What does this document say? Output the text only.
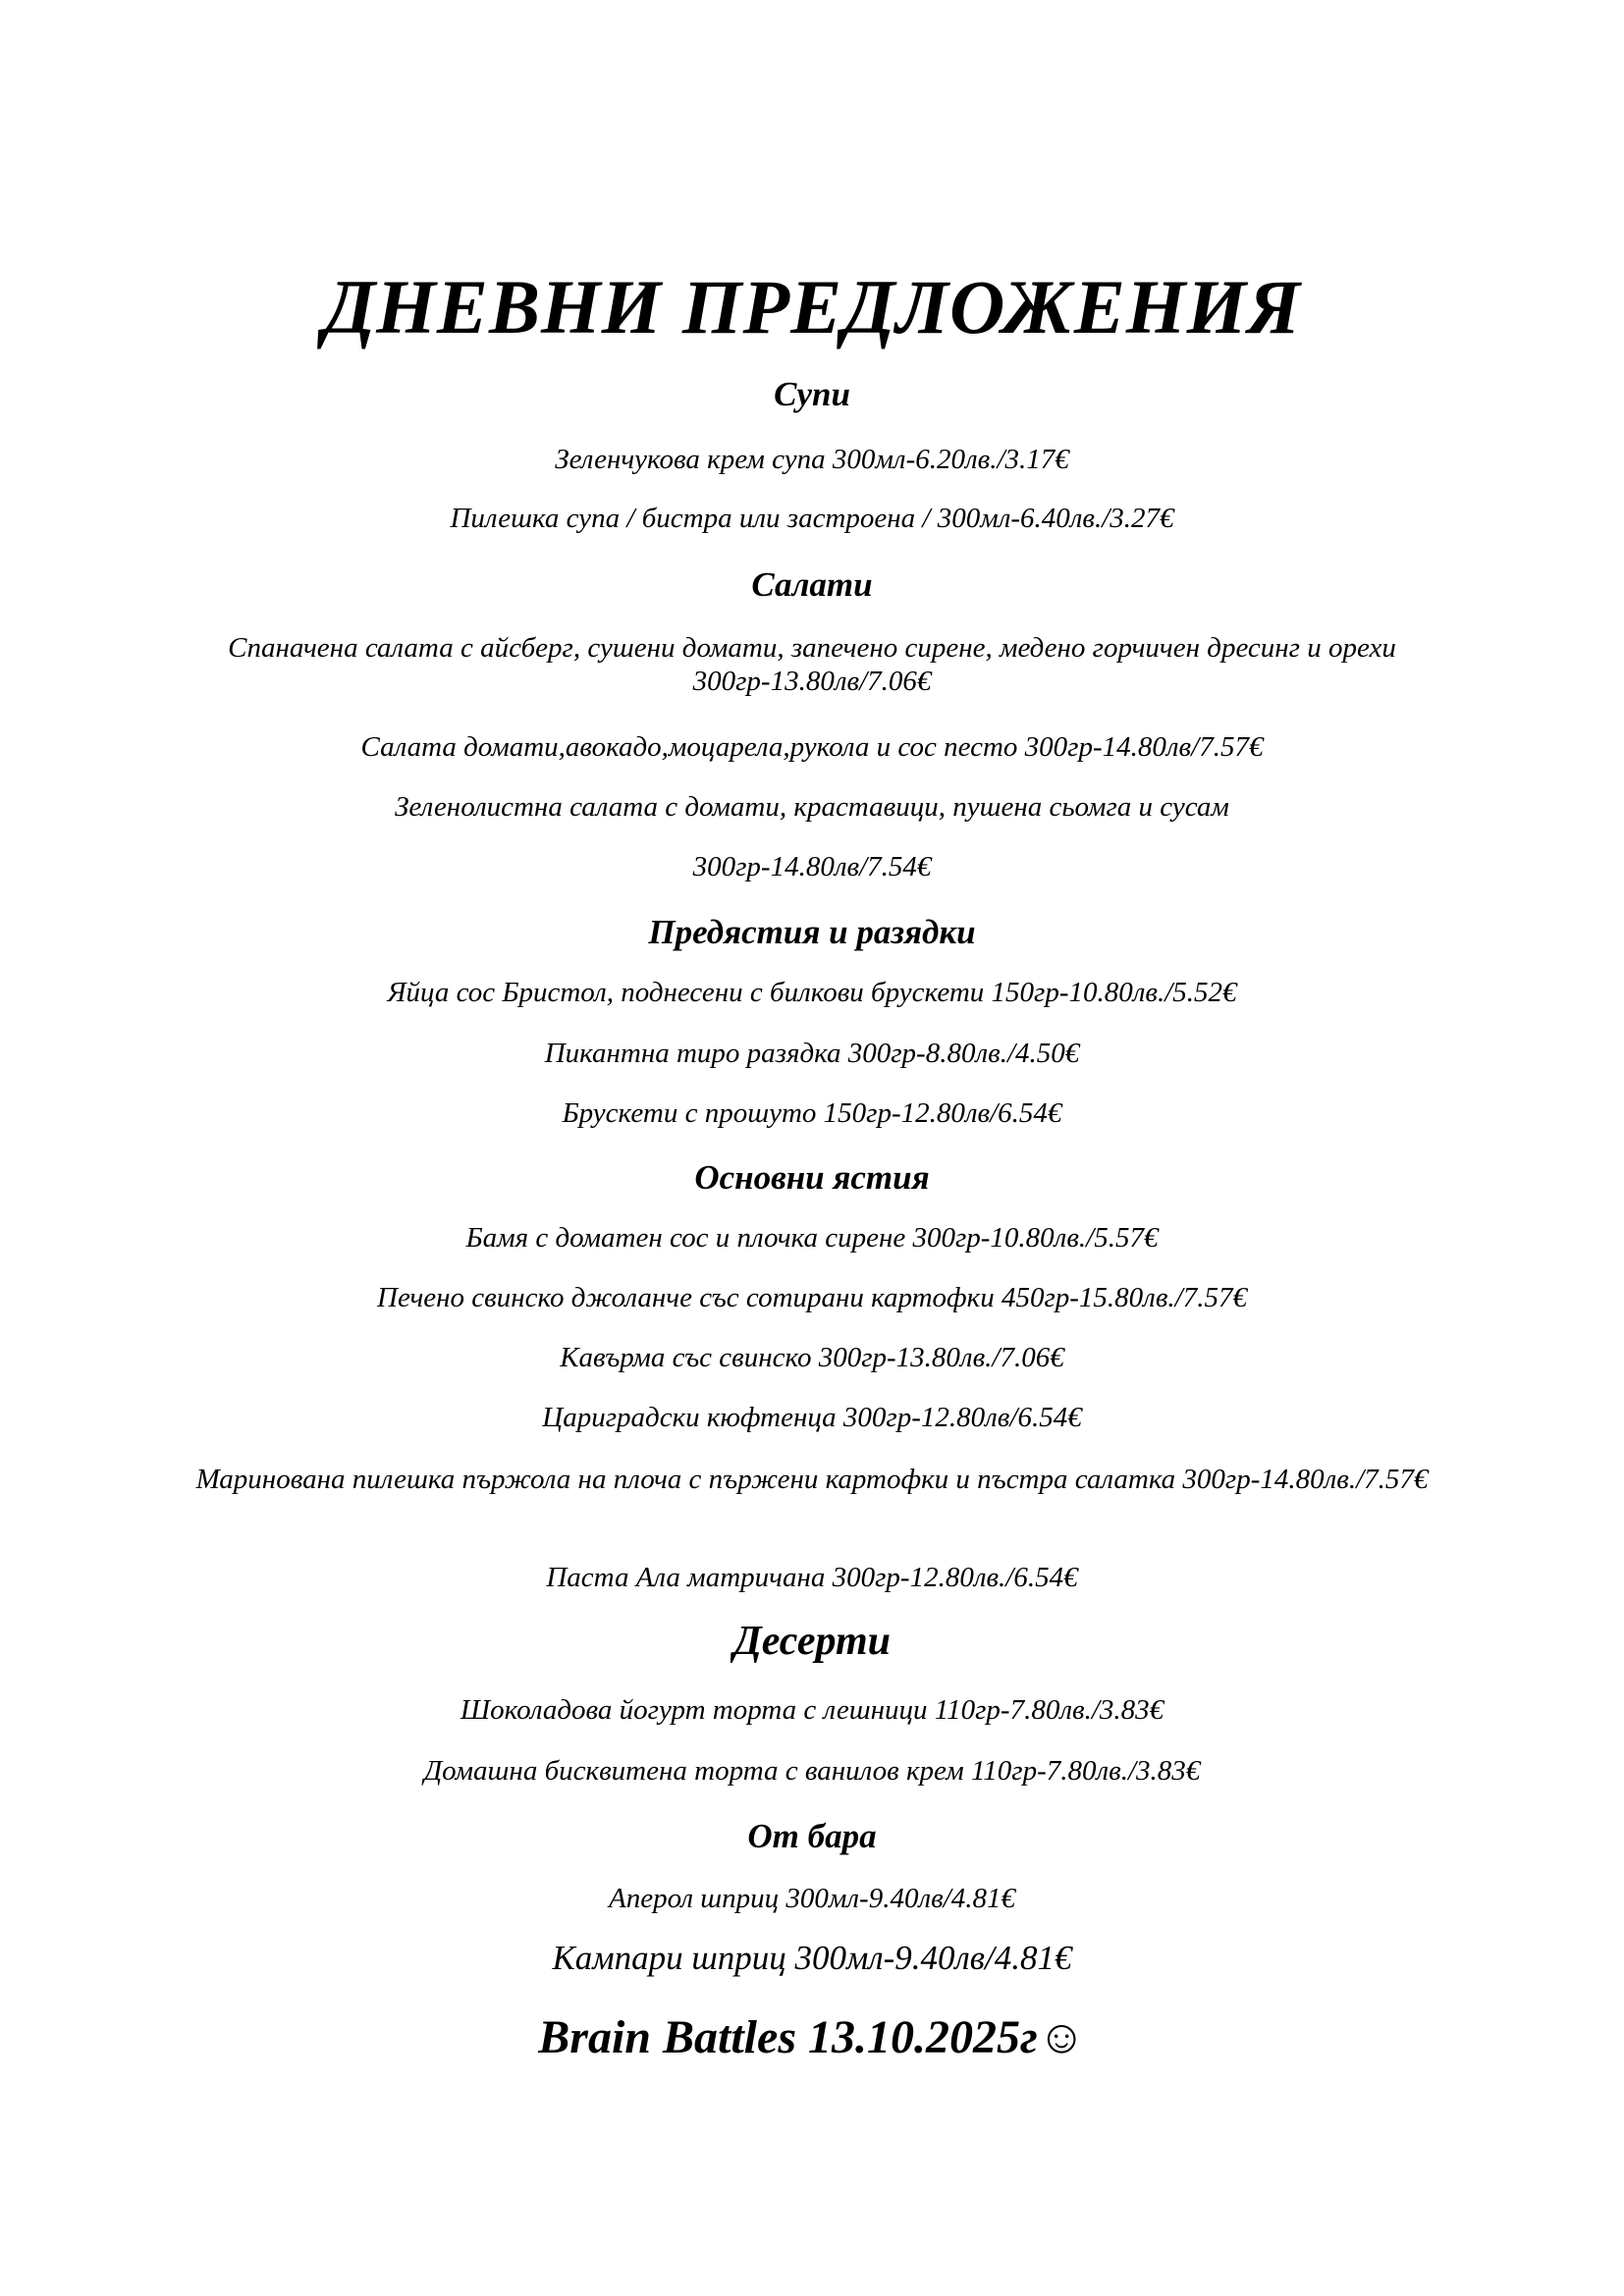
ДНЕВНИ ПРЕДЛОЖЕНИЯ
Супи
Зеленчукова крем супа 300мл-6.20лв./3.17€
Пилешка супа / бистра или застроена / 300мл-6.40лв./3.27€
Салати
Спаначена салата с айсберг, сушени домати, запечено сирене, медено горчичен дресинг и орехи 300гр-13.80лв/7.06€
Салата домати,авокадо,моцарела,рукола и сос песто 300гр-14.80лв/7.57€
Зеленолистна салата с домати, краставици, пушена сьомга и сусам
300гр-14.80лв/7.54€
Предястия и разядки
Яйца сос Бристол, поднесени с билкови брускети 150гр-10.80лв./5.52€
Пикантна тиро разядка 300гр-8.80лв./4.50€
Брускети с прошуто 150гр-12.80лв/6.54€
Основни ястия
Бамя с доматен сос и плочка сирене 300гр-10.80лв./5.57€
Печено свинско джоланче със сотирани картофки 450гр-15.80лв./7.57€
Кавърма със свинско 300гр-13.80лв./7.06€
Цариградски кюфтенца 300гр-12.80лв/6.54€
Маринована пилешка пържола на плоча с пържени картофки и пъстра салатка 300гр-14.80лв./7.57€
Паста Ала матричана 300гр-12.80лв./6.54€
Десерти
Шоколадова йогурт торта с лешници 110гр-7.80лв./3.83€
Домашна бисквитена торта с ванилов крем 110гр-7.80лв./3.83€
От бара
Аперол шприц 300мл-9.40лв/4.81€
Кампари шприц 300мл-9.40лв/4.81€
Brain Battles 13.10.2025г☺
